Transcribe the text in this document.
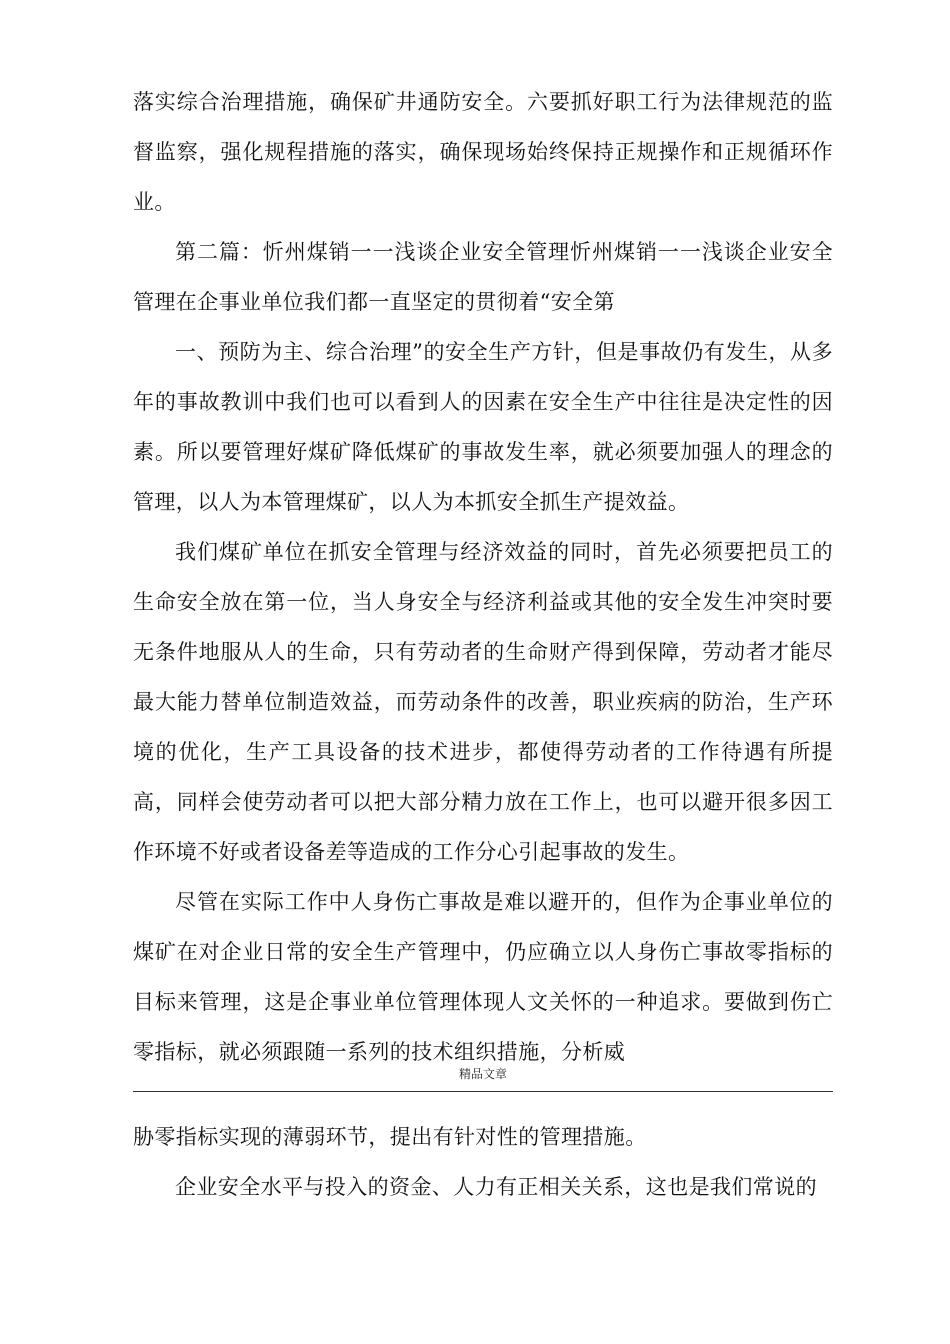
落实综合治理措施，确保矿井通防安全。六要抓好职工行为法律规范的监督监察，强化规程措施的落实，确保现场始终保持正规操作和正规循环作业。

第二篇：忻州煤销一一浅谈企业安全管理忻州煤销一一浅谈企业安全管理在企事业单位我们都一直坚定的贯彻着“安全第

一、预防为主、综合治理”的安全生产方针，但是事故仍有发生，从多年的事故教训中我们也可以看到人的因素在安全生产中往往是决定性的因素。所以要管理好煤矿降低煤矿的事故发生率，就必须要加强人的理念的管理，以人为本管理煤矿，以人为本抓安全抓生产提效益。

我们煤矿单位在抓安全管理与经济效益的同时，首先必须要把员工的生命安全放在第一位，当人身安全与经济利益或其他的安全发生冲突时要无条件地服从人的生命，只有劳动者的生命财产得到保障，劳动者才能尽最大能力替单位制造效益，而劳动条件的改善，职业疾病的防治，生产环境的优化，生产工具设备的技术进步，都使得劳动者的工作待遇有所提高，同样会使劳动者可以把大部分精力放在工作上，也可以避开很多因工作环境不好或者设备差等造成的工作分心引起事故的发生。

尽管在实际工作中人身伤亡事故是难以避开的，但作为企事业单位的煤矿在对企业日常的安全生产管理中，仍应确立以人身伤亡事故零指标的目标来管理，这是企事业单位管理体现人文关怀的一种追求。要做到伤亡零指标，就必须跟随一系列的技术组织措施，分析威

精品文章

胁零指标实现的薄弱环节，提出有针对性的管理措施。

企业安全水平与投入的资金、人力有正相关关系，这也是我们常说的
